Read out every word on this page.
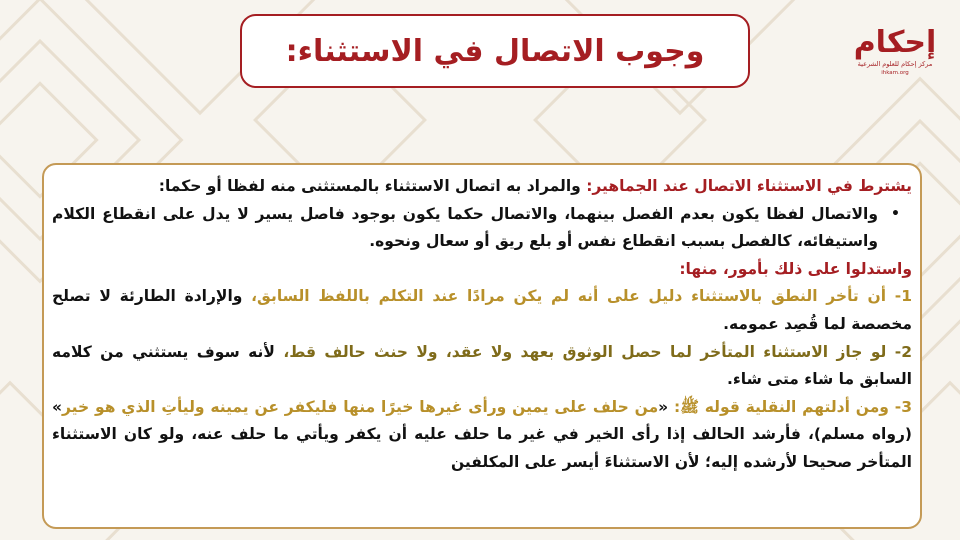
وجوب الاتصال في الاستثناء:	إحكام
مركز إحكام للعلوم الشرعية
ihkam.org

يشترط في الاستثناء الاتصال عند الجماهير: والمراد به اتصال الاستثناء بالمستثنى منه لفظا أو حكما:

•
والاتصال لفظا يكون بعدم الفصل بينهما، والاتصال حكما يكون بوجود فاصل يسير لا يدل على انقطاع الكلام واستيفائه، كالفصل بسبب انقطاع نفس أو بلع ريق أو سعال ونحوه.

واستدلوا على ذلك بأمور، منها:

1- أن تأخر النطق بالاستثناء دليل على أنه لم يكن مرادًا عند التكلم باللفظ السابق، والإرادة الطارئة لا تصلح مخصصة لما قُصِد عمومه.

2- لو جاز الاستثناء المتأخر لما حصل الوثوق بعهد ولا عقد، ولا حنث حالف قط، لأنه سوف يستثني من كلامه السابق ما شاء متى شاء.

3- ومن أدلتهم النقلية قوله ﷺ: «من حلف على يمين ورأى غيرها خيرًا منها فليكفر عن يمينه وليأتِ الذي هو خير» (رواه مسلم)، فأرشد الحالف إذا رأى الخير في غير ما حلف عليه أن يكفر ويأتي ما حلف عنه، ولو كان الاستثناء المتأخر صحيحا لأرشده إليه؛ لأن الاستثناءَ أيسر على المكلفين
